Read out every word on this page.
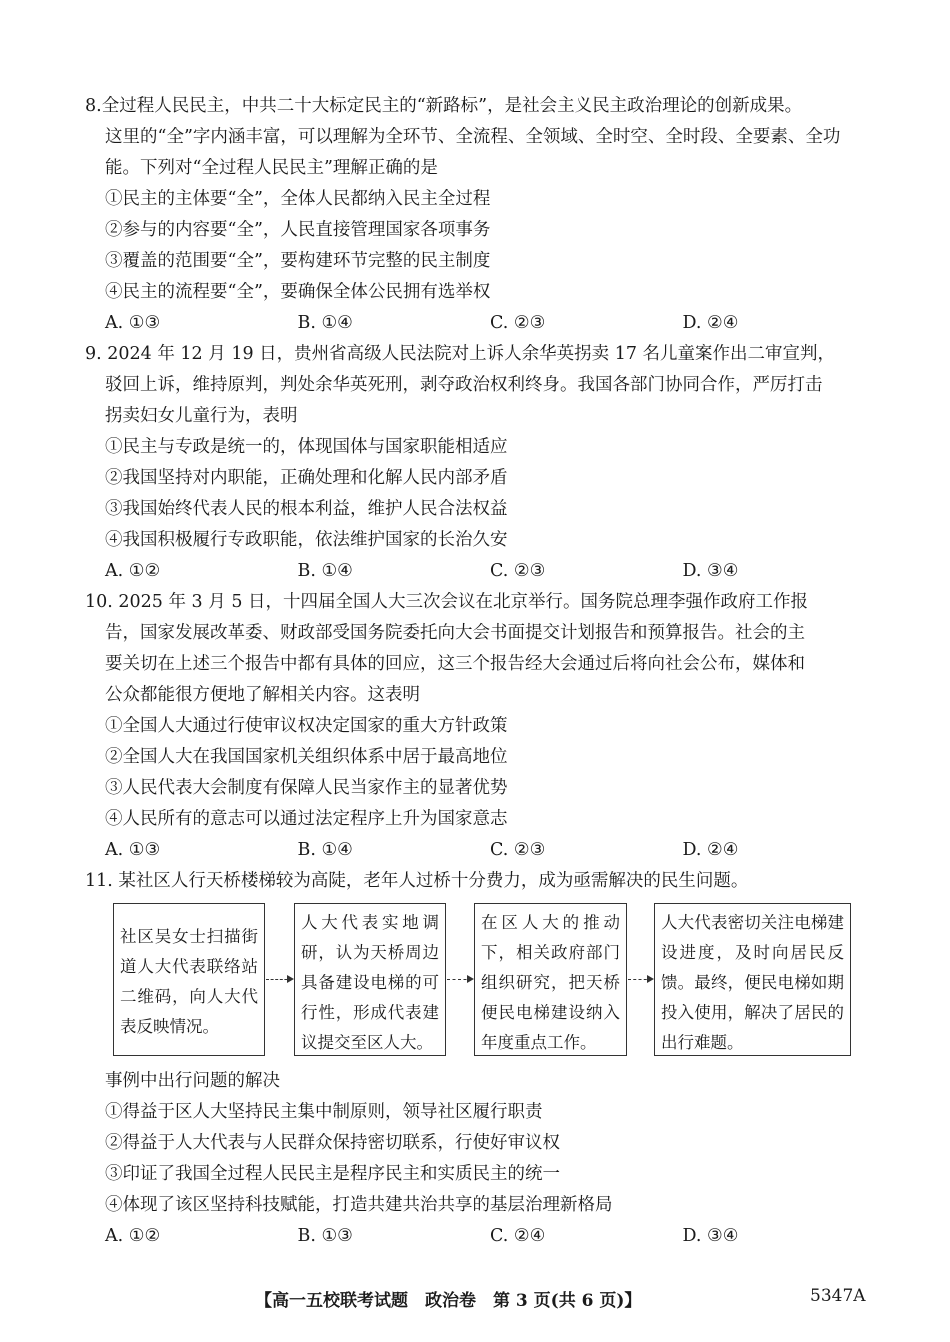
8.全过程人民民主，中共二十大标定民主的“新路标”，是社会主义民主政治理论的创新成果。
这里的“全”字内涵丰富，可以理解为全环节、全流程、全领域、全时空、全时段、全要素、全功
能。下列对“全过程人民民主”理解正确的是
①民主的主体要“全”，全体人民都纳入民主全过程
②参与的内容要“全”，人民直接管理国家各项事务
③覆盖的范围要“全”，要构建环节完整的民主制度
④民主的流程要“全”，要确保全体公民拥有选举权
A. ①③	B. ①④	C. ②③	D. ②④
9. 2024 年 12 月 19 日，贵州省高级人民法院对上诉人余华英拐卖 17 名儿童案作出二审宣判，
驳回上诉，维持原判，判处余华英死刑，剥夺政治权利终身。我国各部门协同合作，严厉打击
拐卖妇女儿童行为，表明
①民主与专政是统一的，体现国体与国家职能相适应
②我国坚持对内职能，正确处理和化解人民内部矛盾
③我国始终代表人民的根本利益，维护人民合法权益
④我国积极履行专政职能，依法维护国家的长治久安
A. ①②	B. ①④	C. ②③	D. ③④
10. 2025 年 3 月 5 日，十四届全国人大三次会议在北京举行。国务院总理李强作政府工作报
告，国家发展改革委、财政部受国务院委托向大会书面提交计划报告和预算报告。社会的主
要关切在上述三个报告中都有具体的回应，这三个报告经大会通过后将向社会公布，媒体和
公众都能很方便地了解相关内容。这表明
①全国人大通过行使审议权决定国家的重大方针政策
②全国人大在我国国家机关组织体系中居于最高地位
③人民代表大会制度有保障人民当家作主的显著优势
④人民所有的意志可以通过法定程序上升为国家意志
A. ①③	B. ①④	C. ②③	D. ②④
11. 某社区人行天桥楼梯较为高陡，老年人过桥十分费力，成为亟需解决的民生问题。
社区吴女士扫描街道人大代表联络站二维码，向人大代表反映情况。
人大代表实地调研，认为天桥周边具备建设电梯的可行性，形成代表建议提交至区人大。
在区人大的推动下，相关政府部门组织研究，把天桥便民电梯建设纳入年度重点工作。
人大代表密切关注电梯建设进度，及时向居民反馈。最终，便民电梯如期投入使用，解决了居民的出行难题。
事例中出行问题的解决
①得益于区人大坚持民主集中制原则，领导社区履行职责
②得益于人大代表与人民群众保持密切联系，行使好审议权
③印证了我国全过程人民民主是程序民主和实质民主的统一
④体现了该区坚持科技赋能，打造共建共治共享的基层治理新格局
A. ①②	B. ①③	C. ②④	D. ③④
【高一五校联考试题　政治卷　第 3 页(共 6 页)】	5347A
